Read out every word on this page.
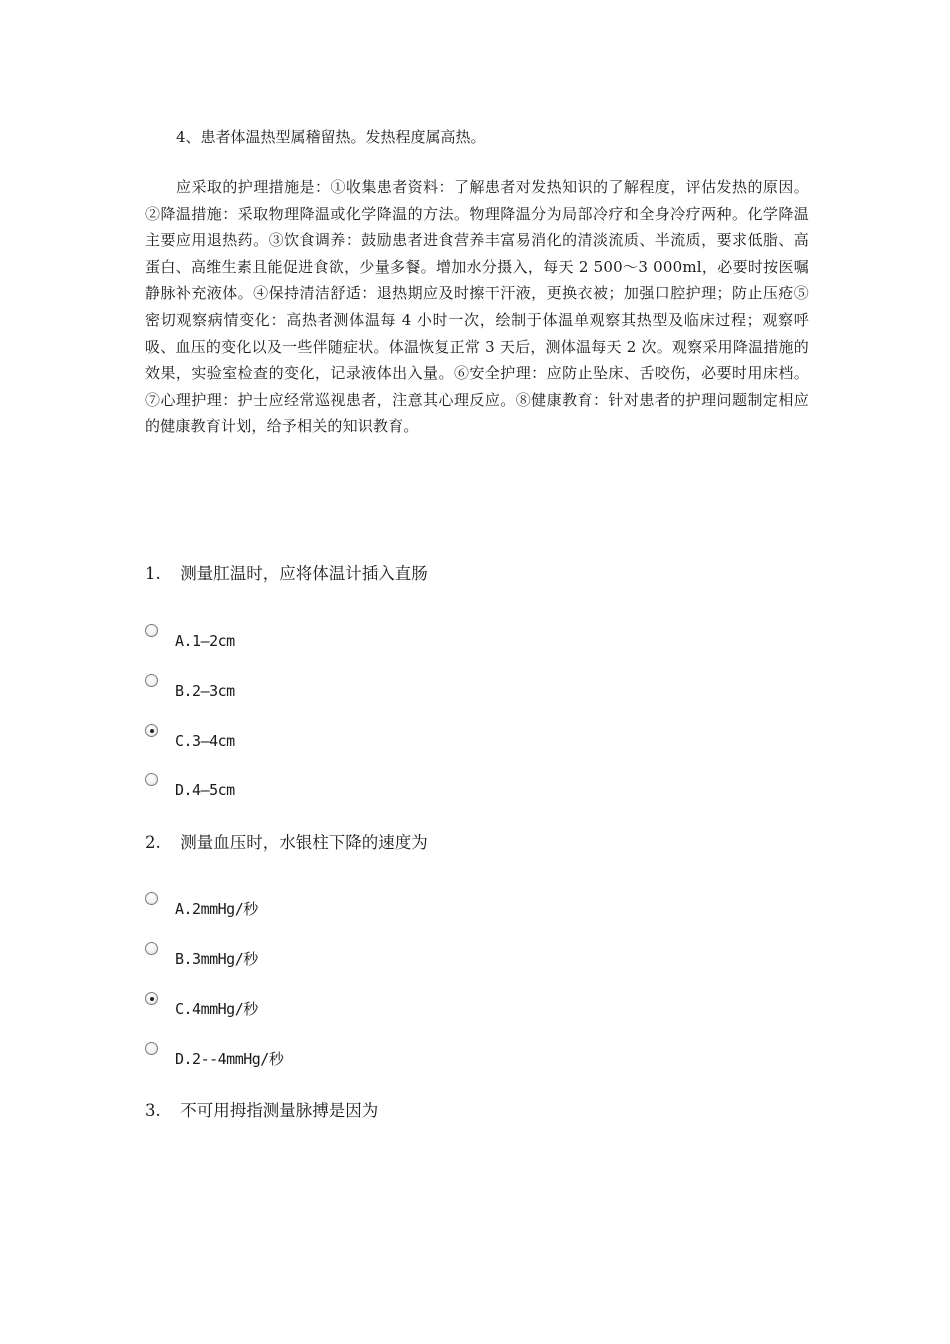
4、患者体温热型属稽留热。发热程度属高热。

应采取的护理措施是：①收集患者资料：了解患者对发热知识的了解程度，评估发热的原因。②降温措施：采取物理降温或化学降温的方法。物理降温分为局部冷疗和全身冷疗两种。化学降温主要应用退热药。③饮食调养：鼓励患者进食营养丰富易消化的清淡流质、半流质，要求低脂、高蛋白、高维生素且能促进食欲，少量多餐。增加水分摄入，每天 2 500～3 000ml，必要时按医嘱静脉补充液体。④保持清洁舒适：退热期应及时擦干汗液，更换衣被；加强口腔护理；防止压疮⑤密切观察病情变化：高热者测体温每 4 小时一次，绘制于体温单观察其热型及临床过程；观察呼吸、血压的变化以及一些伴随症状。体温恢复正常 3 天后，测体温每天 2 次。观察采用降温措施的效果，实验室检查的变化，记录液体出入量。⑥安全护理：应防止坠床、舌咬伤，必要时用床档。⑦心理护理：护士应经常巡视患者，注意其心理反应。⑧健康教育：针对患者的护理问题制定相应的健康教育计划，给予相关的知识教育。

1. 测量肛温时，应将体温计插入直肠
A.1—2cm
B.2—3cm
C.3—4cm
D.4—5cm
2. 测量血压时，水银柱下降的速度为
A.2mmHg/秒
B.3mmHg/秒
C.4mmHg/秒
D.2--4mmHg/秒
3. 不可用拇指测量脉搏是因为
